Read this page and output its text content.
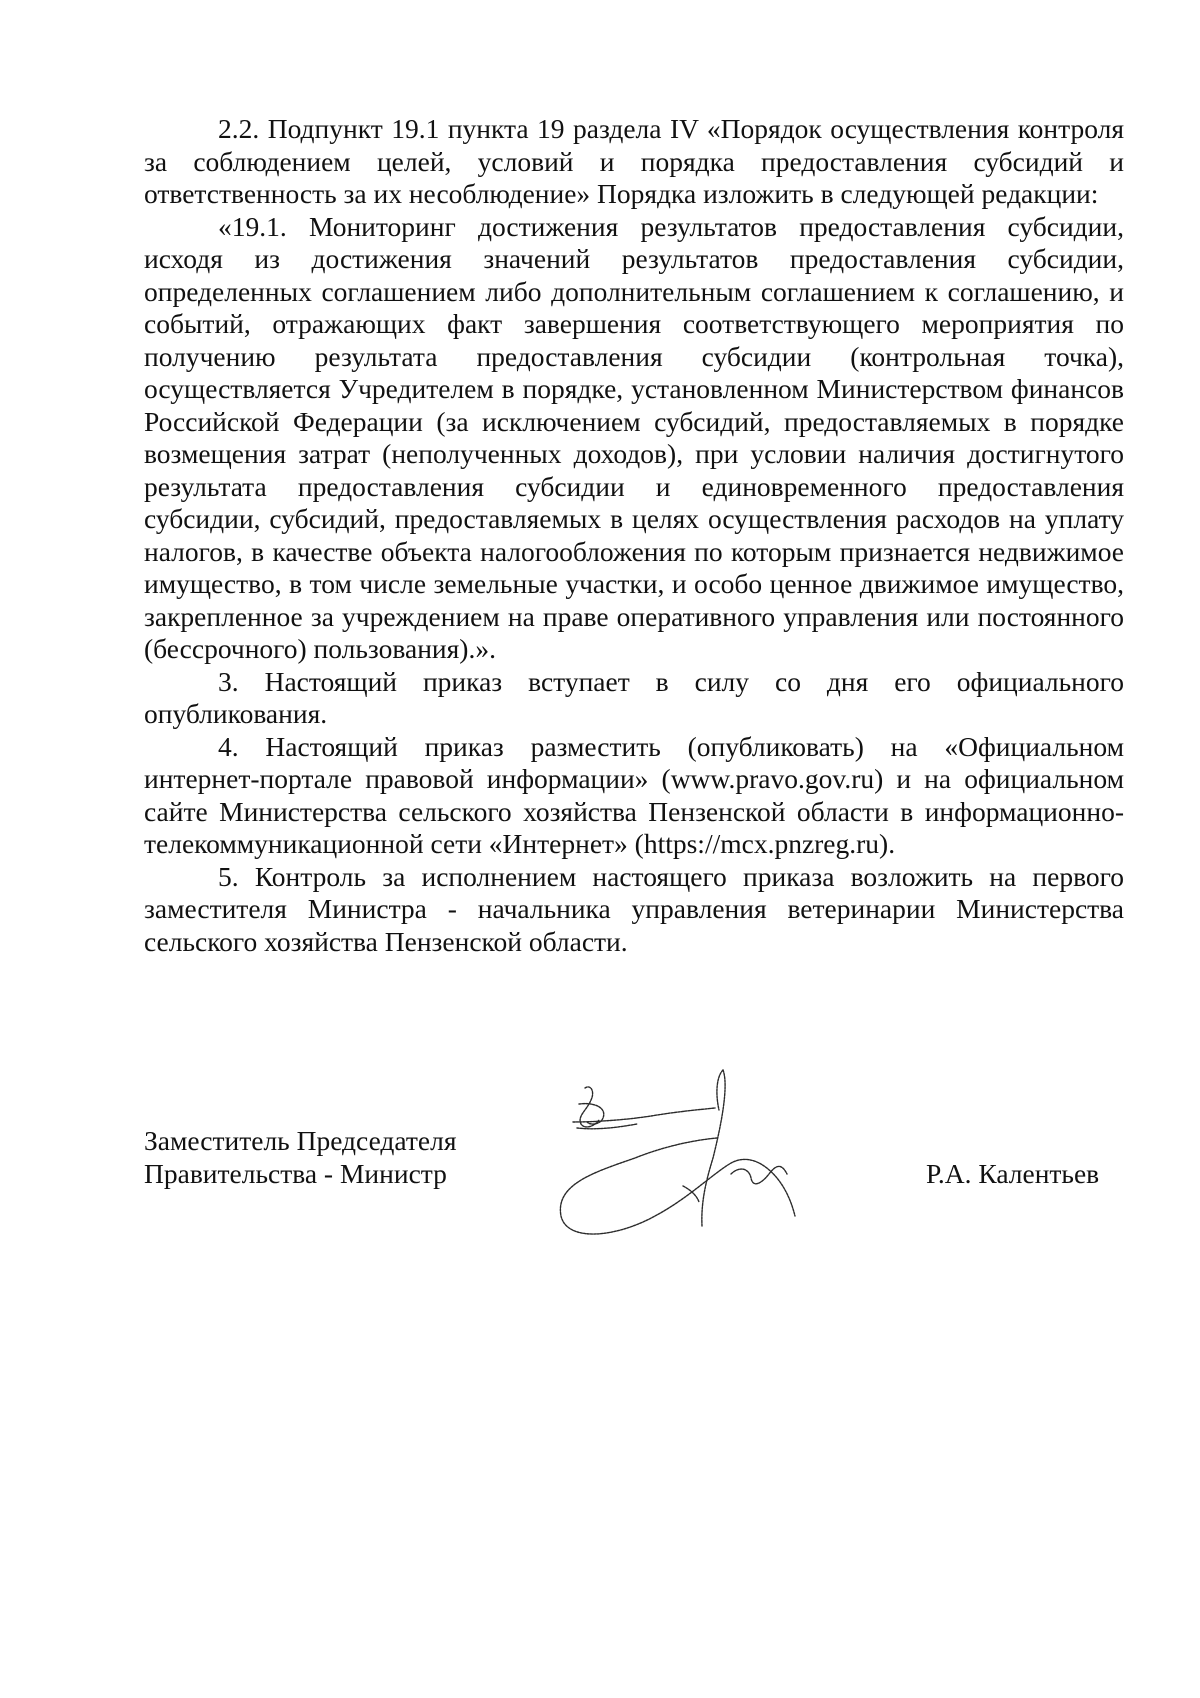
2.2. Подпункт 19.1 пункта 19 раздела IV «Порядок осуществления контроля за соблюдением целей, условий и порядка предоставления субсидий и ответственность за их несоблюдение» Порядка изложить в следующей редакции:

«19.1. Мониторинг достижения результатов предоставления субсидии, исходя из достижения значений результатов предоставления субсидии, определенных соглашением либо дополнительным соглашением к соглашению, и событий, отражающих факт завершения соответствующего мероприятия по получению результата предоставления субсидии (контрольная точка), осуществляется Учредителем в порядке, установленном Министерством финансов Российской Федерации (за исключением субсидий, предоставляемых в порядке возмещения затрат (неполученных доходов), при условии наличия достигнутого результата предоставления субсидии и единовременного предоставления субсидии, субсидий, предоставляемых в целях осуществления расходов на уплату налогов, в качестве объекта налогообложения по которым признается недвижимое имущество, в том числе земельные участки, и особо ценное движимое имущество, закрепленное за учреждением на праве оперативного управления или постоянного (бессрочного) пользования).».

3. Настоящий приказ вступает в силу со дня его официального опубликования.

4. Настоящий приказ разместить (опубликовать) на «Официальном интернет-портале правовой информации» (www.pravo.gov.ru) и на официальном сайте Министерства сельского хозяйства Пензенской области в информационно-телекоммуникационной сети «Интернет» (https://mcx.pnzreg.ru).

5. Контроль за исполнением настоящего приказа возложить на первого заместителя Министра - начальника управления ветеринарии Министерства сельского хозяйства Пензенской области.

Заместитель Председателя
Правительства - Министр	Р.А. Калентьев
